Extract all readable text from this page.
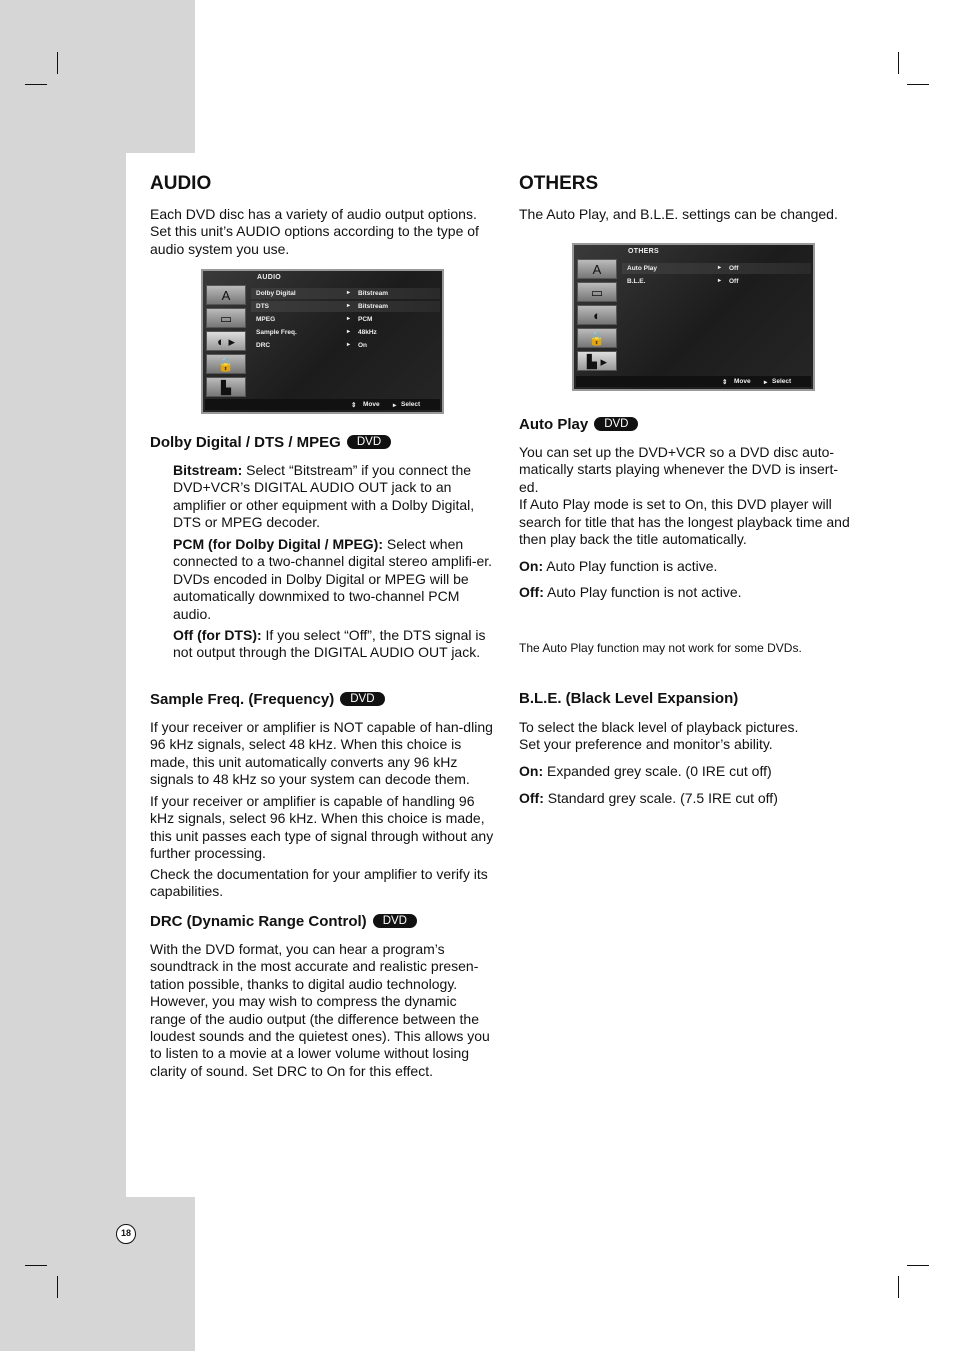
AUDIO

Each DVD disc has a variety of audio output options. Set this unit’s AUDIO options according to the type of audio system you use.

AUDIO
A
▭
◐ ▸
🔒
▙
Dolby Digital	▸ Bitstream
DTS	▸ Bitstream
MPEG	▸ PCM
Sample Freq.	▸ 48kHz
DRC	▸ On
⇕ Move ▸ Select
Dolby Digital / DTS / MPEG DVD

Bitstream: Select “Bitstream” if you connect the DVD+VCR’s DIGITAL AUDIO OUT jack to an amplifier or other equipment with a Dolby Digital, DTS or MPEG decoder.

PCM (for Dolby Digital / MPEG): Select when connected to a two-channel digital stereo amplifi-er. DVDs encoded in Dolby Digital or MPEG will be automatically downmixed to two-channel PCM audio.

Off (for DTS): If you select “Off”, the DTS signal is not output through the DIGITAL AUDIO OUT jack.

Sample Freq. (Frequency) DVD

If your receiver or amplifier is NOT capable of han-dling 96 kHz signals, select 48 kHz. When this choice is made, this unit automatically converts any 96 kHz signals to 48 kHz so your system can decode them.

If your receiver or amplifier is capable of handling 96 kHz signals, select 96 kHz. When this choice is made, this unit passes each type of signal through without any further processing.

Check the documentation for your amplifier to verify its capabilities.

DRC (Dynamic Range Control) DVD

With the DVD format, you can hear a program’s soundtrack in the most accurate and realistic presen-tation possible, thanks to digital audio technology. However, you may wish to compress the dynamic range of the audio output (the difference between the loudest sounds and the quietest ones). This allows you to listen to a movie at a lower volume without losing clarity of sound. Set DRC to On for this effect.

OTHERS

The Auto Play, and B.L.E. settings can be changed.

OTHERS
A
▭
◐
🔒
▙ ▸
Auto Play	▸ Off
B.L.E.	▸ Off
⇕ Move ▸ Select
Auto Play DVD

You can set up the DVD+VCR so a DVD disc auto-matically starts playing whenever the DVD is insert-ed.
If Auto Play mode is set to On, this DVD player will search for title that has the longest playback time and then play back the title automatically.

On: Auto Play function is active.

Off: Auto Play function is not active.

The Auto Play function may not work for some DVDs.

B.L.E. (Black Level Expansion)

To select the black level of playback pictures.
Set your preference and monitor’s ability.

On: Expanded grey scale. (0 IRE cut off)

Off: Standard grey scale. (7.5 IRE cut off)

18
